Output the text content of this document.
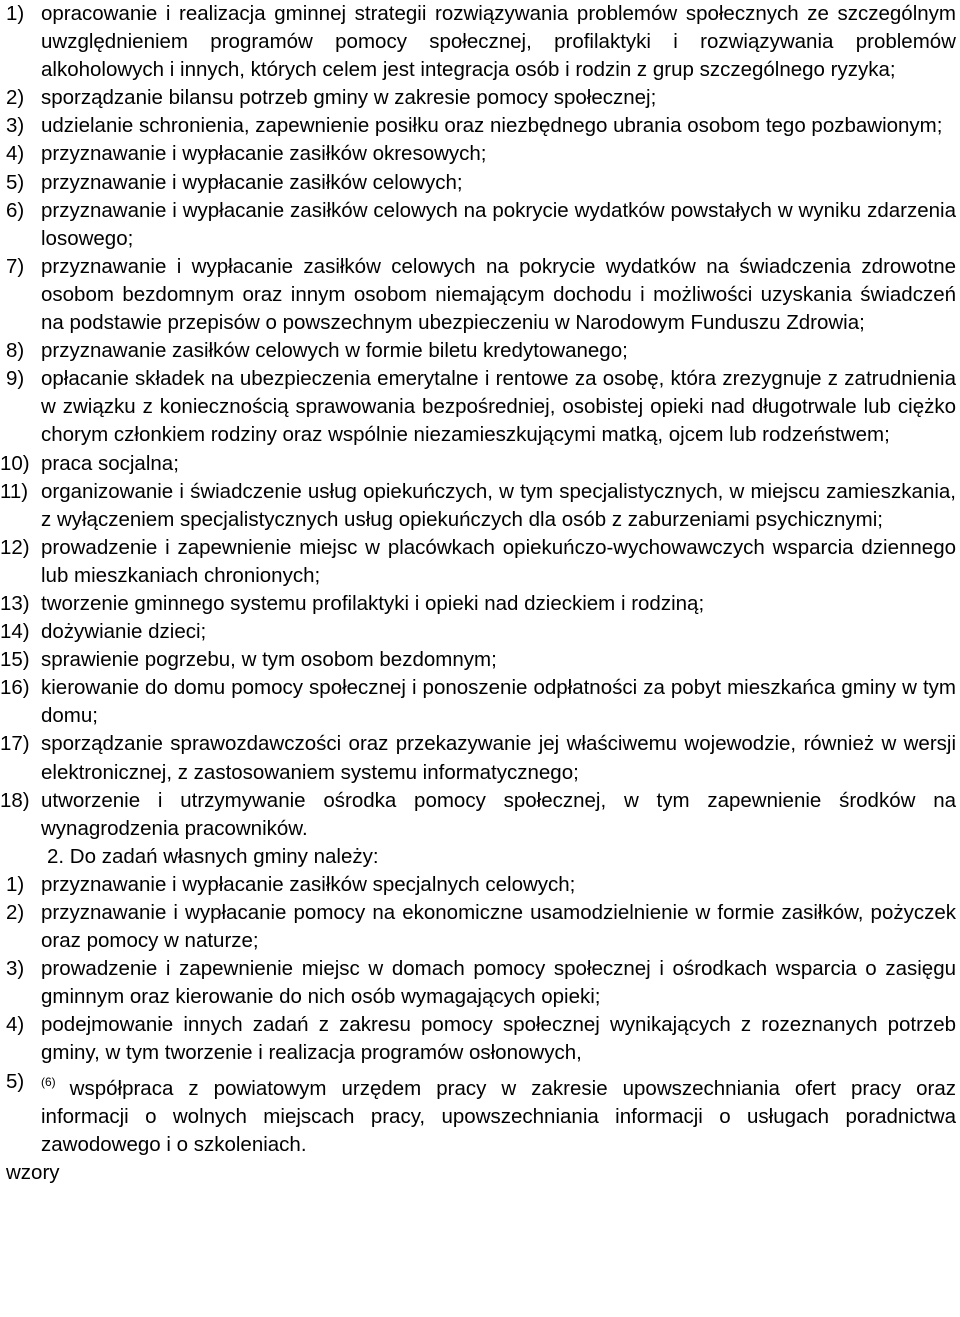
1) opracowanie i realizacja gminnej strategii rozwiązywania problemów społecznych ze szczególnym uwzględnieniem programów pomocy społecznej, profilaktyki i rozwiązywania problemów alkoholowych i innych, których celem jest integracja osób i rodzin z grup szczególnego ryzyka;
2) sporządzanie bilansu potrzeb gminy w zakresie pomocy społecznej;
3) udzielanie schronienia, zapewnienie posiłku oraz niezbędnego ubrania osobom tego pozbawionym;
4) przyznawanie i wypłacanie zasiłków okresowych;
5) przyznawanie i wypłacanie zasiłków celowych;
6) przyznawanie i wypłacanie zasiłków celowych na pokrycie wydatków powstałych w wyniku zdarzenia losowego;
7) przyznawanie i wypłacanie zasiłków celowych na pokrycie wydatków na świadczenia zdrowotne osobom bezdomnym oraz innym osobom niemającym dochodu i możliwości uzyskania świadczeń na podstawie przepisów o powszechnym ubezpieczeniu w Narodowym Funduszu Zdrowia;
8) przyznawanie zasiłków celowych w formie biletu kredytowanego;
9) opłacanie składek na ubezpieczenia emerytalne i rentowe za osobę, która zrezygnuje z zatrudnienia w związku z koniecznością sprawowania bezpośredniej, osobistej opieki nad długotrwale lub ciężko chorym członkiem rodziny oraz wspólnie niezamieszkującymi matką, ojcem lub rodzeństwem;
10) praca socjalna;
11) organizowanie i świadczenie usług opiekuńczych, w tym specjalistycznych, w miejscu zamieszkania, z wyłączeniem specjalistycznych usług opiekuńczych dla osób z zaburzeniami psychicznymi;
12) prowadzenie i zapewnienie miejsc w placówkach opiekuńczo-wychowawczych wsparcia dziennego lub mieszkaniach chronionych;
13) tworzenie gminnego systemu profilaktyki i opieki nad dzieckiem i rodziną;
14) dożywianie dzieci;
15) sprawienie pogrzebu, w tym osobom bezdomnym;
16) kierowanie do domu pomocy społecznej i ponoszenie odpłatności za pobyt mieszkańca gminy w tym domu;
17) sporządzanie sprawozdawczości oraz przekazywanie jej właściwemu wojewodzie, również w wersji elektronicznej, z zastosowaniem systemu informatycznego;
18) utworzenie i utrzymywanie ośrodka pomocy społecznej, w tym zapewnienie środków na wynagrodzenia pracowników.
2. Do zadań własnych gminy należy:
1) przyznawanie i wypłacanie zasiłków specjalnych celowych;
2) przyznawanie i wypłacanie pomocy na ekonomiczne usamodzielnienie w formie zasiłków, pożyczek oraz pomocy w naturze;
3) prowadzenie i zapewnienie miejsc w domach pomocy społecznej i ośrodkach wsparcia o zasięgu gminnym oraz kierowanie do nich osób wymagających opieki;
4) podejmowanie innych zadań z zakresu pomocy społecznej wynikających z rozeznanych potrzeb gminy, w tym tworzenie i realizacja programów osłonowych,
5) $^{(6)}$ współpraca z powiatowym urzędem pracy w zakresie upowszechniania ofert pracy oraz informacji o wolnych miejscach pracy, upowszechniania informacji o usługach poradnictwa zawodowego i o szkoleniach.
wzory
